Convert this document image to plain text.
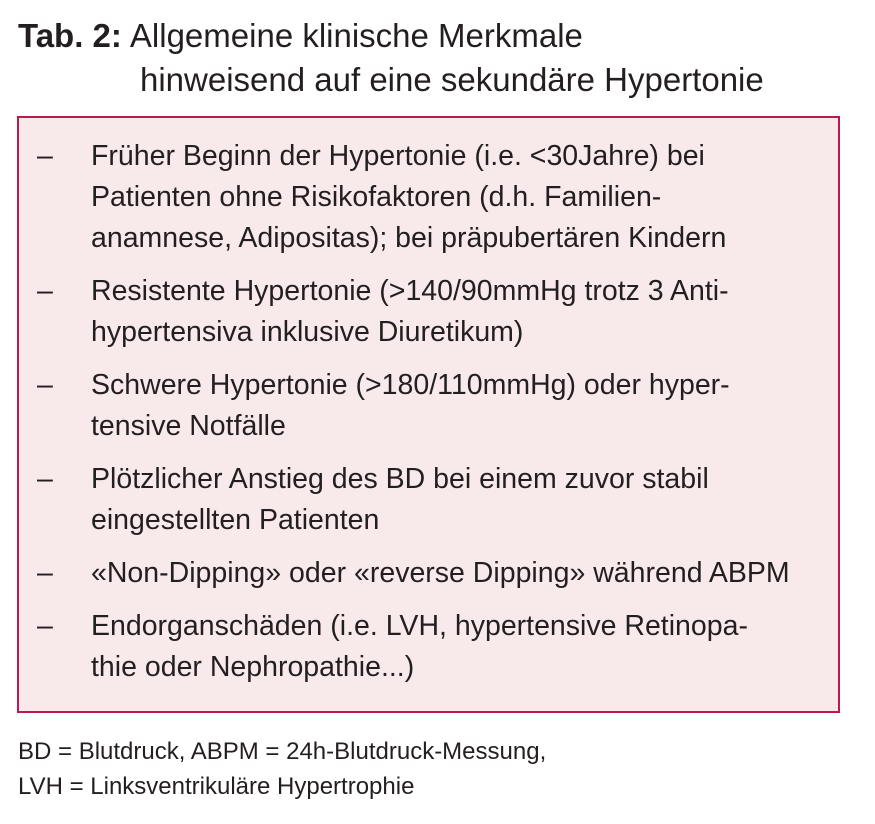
Tab. 2: Allgemeine klinische Merkmale
hinweisend auf eine sekundäre Hypertonie
–	Früher Beginn der Hypertonie (i.e. <30Jahre) bei
Patienten ohne Risikofaktoren (d.h. Familien-
anamnese, Adipositas); bei präpubertären Kindern
–	Resistente Hypertonie (>140/90mmHg trotz 3 Anti-
hypertensiva inklusive Diuretikum)
–	Schwere Hypertonie (>180/110mmHg) oder hyper-
tensive Notfälle
–	Plötzlicher Anstieg des BD bei einem zuvor stabil
eingestellten Patienten
–	«Non-Dipping» oder «reverse Dipping» während ABPM
–	Endorganschäden (i.e. LVH, hypertensive Retinopa-
thie oder Nephropathie...)
BD = Blutdruck, ABPM = 24h-Blutdruck-Messung,
LVH = Linksventrikuläre Hypertrophie
